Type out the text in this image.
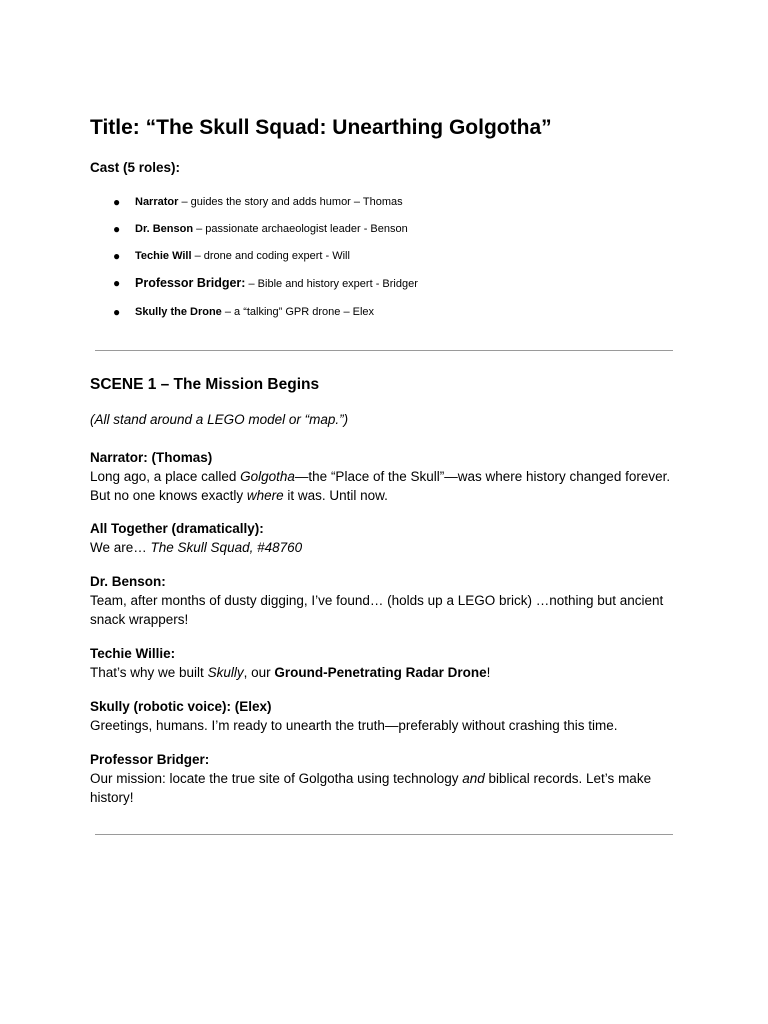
Title: “The Skull Squad: Unearthing Golgotha”

Cast (5 roles):

● Narrator – guides the story and adds humor – Thomas
● Dr. Benson – passionate archaeologist leader - Benson
● Techie Will – drone and coding expert - Will
● Professor Bridger: – Bible and history expert - Bridger
● Skully the Drone – a “talking” GPR drone – Elex
SCENE 1 – The Mission Begins

(All stand around a LEGO model or “map.”)

Narrator: (Thomas)

Long ago, a place called Golgotha—the “Place of the Skull”—was where history changed forever. But no one knows exactly where it was. Until now.

All Together (dramatically):

We are… The Skull Squad, #48760

Dr. Benson:

Team, after months of dusty digging, I’ve found… (holds up a LEGO brick) …nothing but ancient snack wrappers!

Techie Willie:

That’s why we built Skully, our Ground-Penetrating Radar Drone!

Skully (robotic voice): (Elex)

Greetings, humans. I’m ready to unearth the truth—preferably without crashing this time.

Professor Bridger:

Our mission: locate the true site of Golgotha using technology and biblical records. Let’s make history!
